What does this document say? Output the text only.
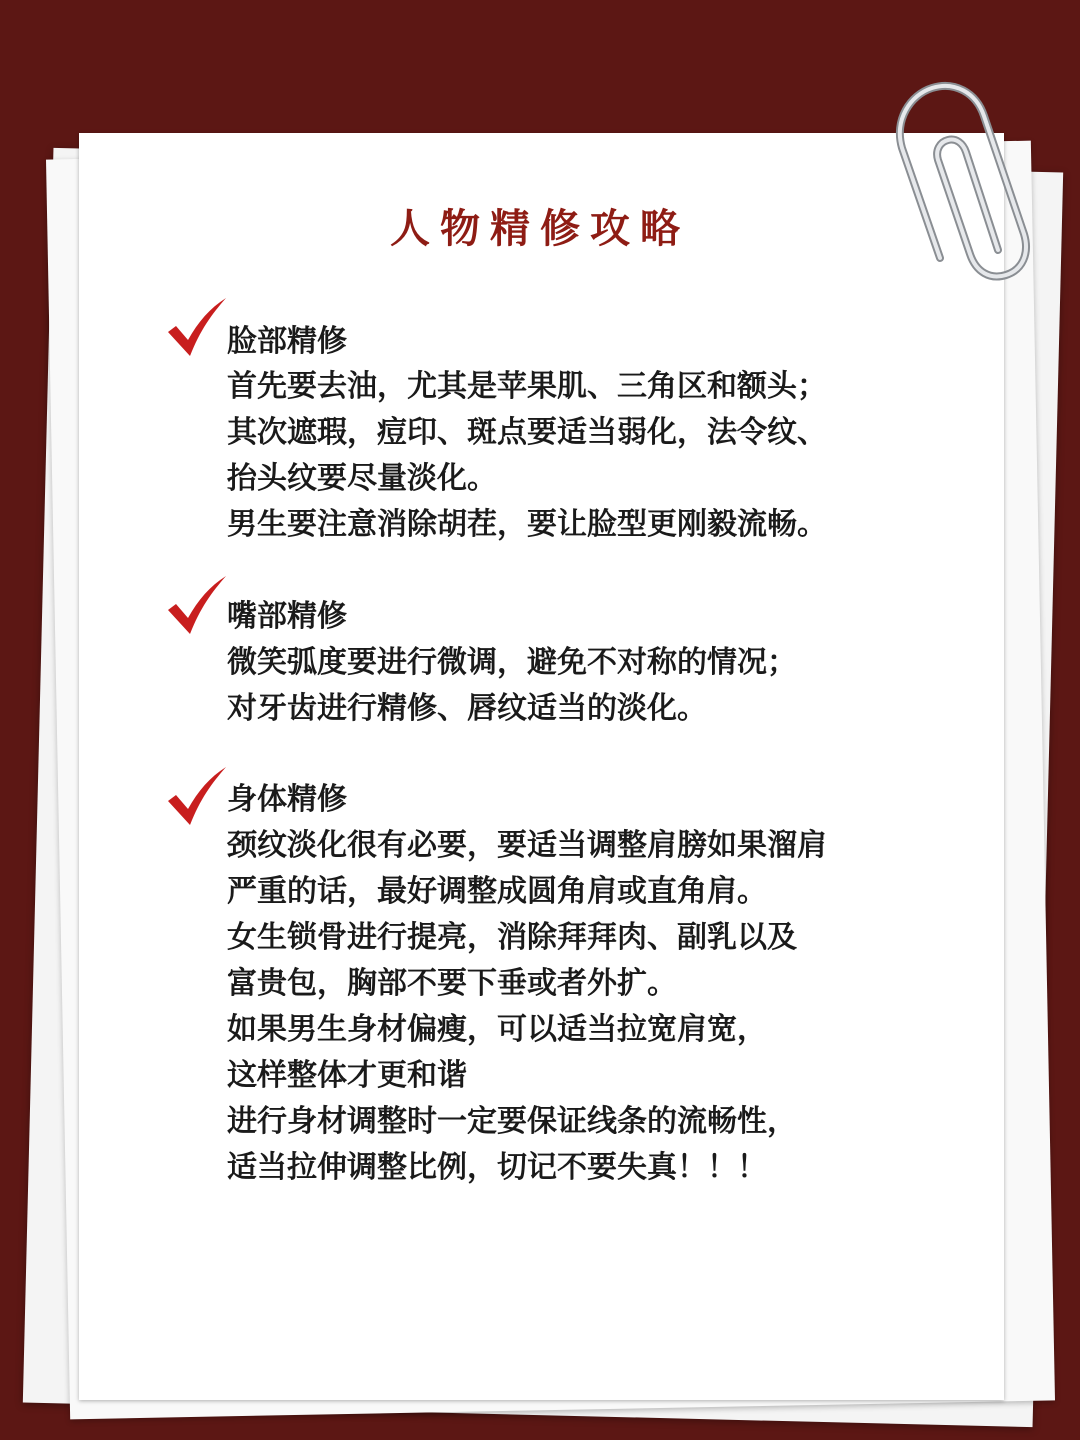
人物精修攻略
脸部精修
首先要去油，尤其是苹果肌、三角区和额头；
其次遮瑕，痘印、斑点要适当弱化，法令纹、
抬头纹要尽量淡化。
男生要注意消除胡茬，要让脸型更刚毅流畅。
嘴部精修
微笑弧度要进行微调，避免不对称的情况；
对牙齿进行精修、唇纹适当的淡化。
身体精修
颈纹淡化很有必要，要适当调整肩膀如果溜肩
严重的话，最好调整成圆角肩或直角肩。
女生锁骨进行提亮，消除拜拜肉、副乳以及
富贵包，胸部不要下垂或者外扩。
如果男生身材偏瘦，可以适当拉宽肩宽，
这样整体才更和谐
进行身材调整时一定要保证线条的流畅性，
适当拉伸调整比例，切记不要失真！！！
